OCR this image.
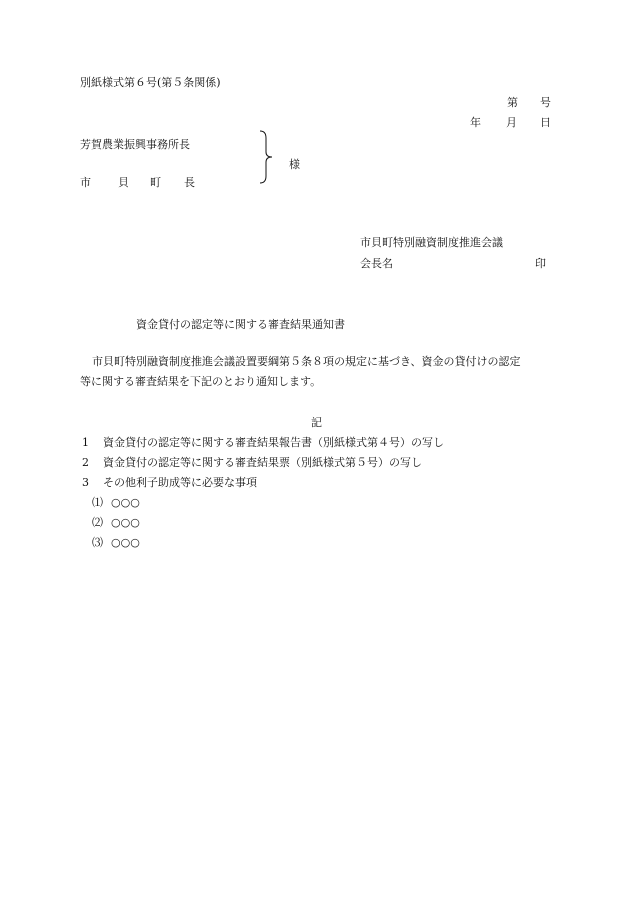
別紙様式第６号(第５条関係)
第 号
年 月 日
芳賀農業振興事務所長
市 貝 町 長
様
市貝町特別融資制度推進会議
会長名	印
資金貸付の認定等に関する審査結果通知書
市貝町特別融資制度推進会議設置要綱第５条８項の規定に基づき、資金の貸付けの認定
等に関する審査結果を下記のとおり通知します。
記
1 資金貸付の認定等に関する審査結果報告書（別紙様式第４号）の写し
2 資金貸付の認定等に関する審査結果票（別紙様式第５号）の写し
3 その他利子助成等に必要な事項
⑴ ○○○
⑵ ○○○
⑶ ○○○
